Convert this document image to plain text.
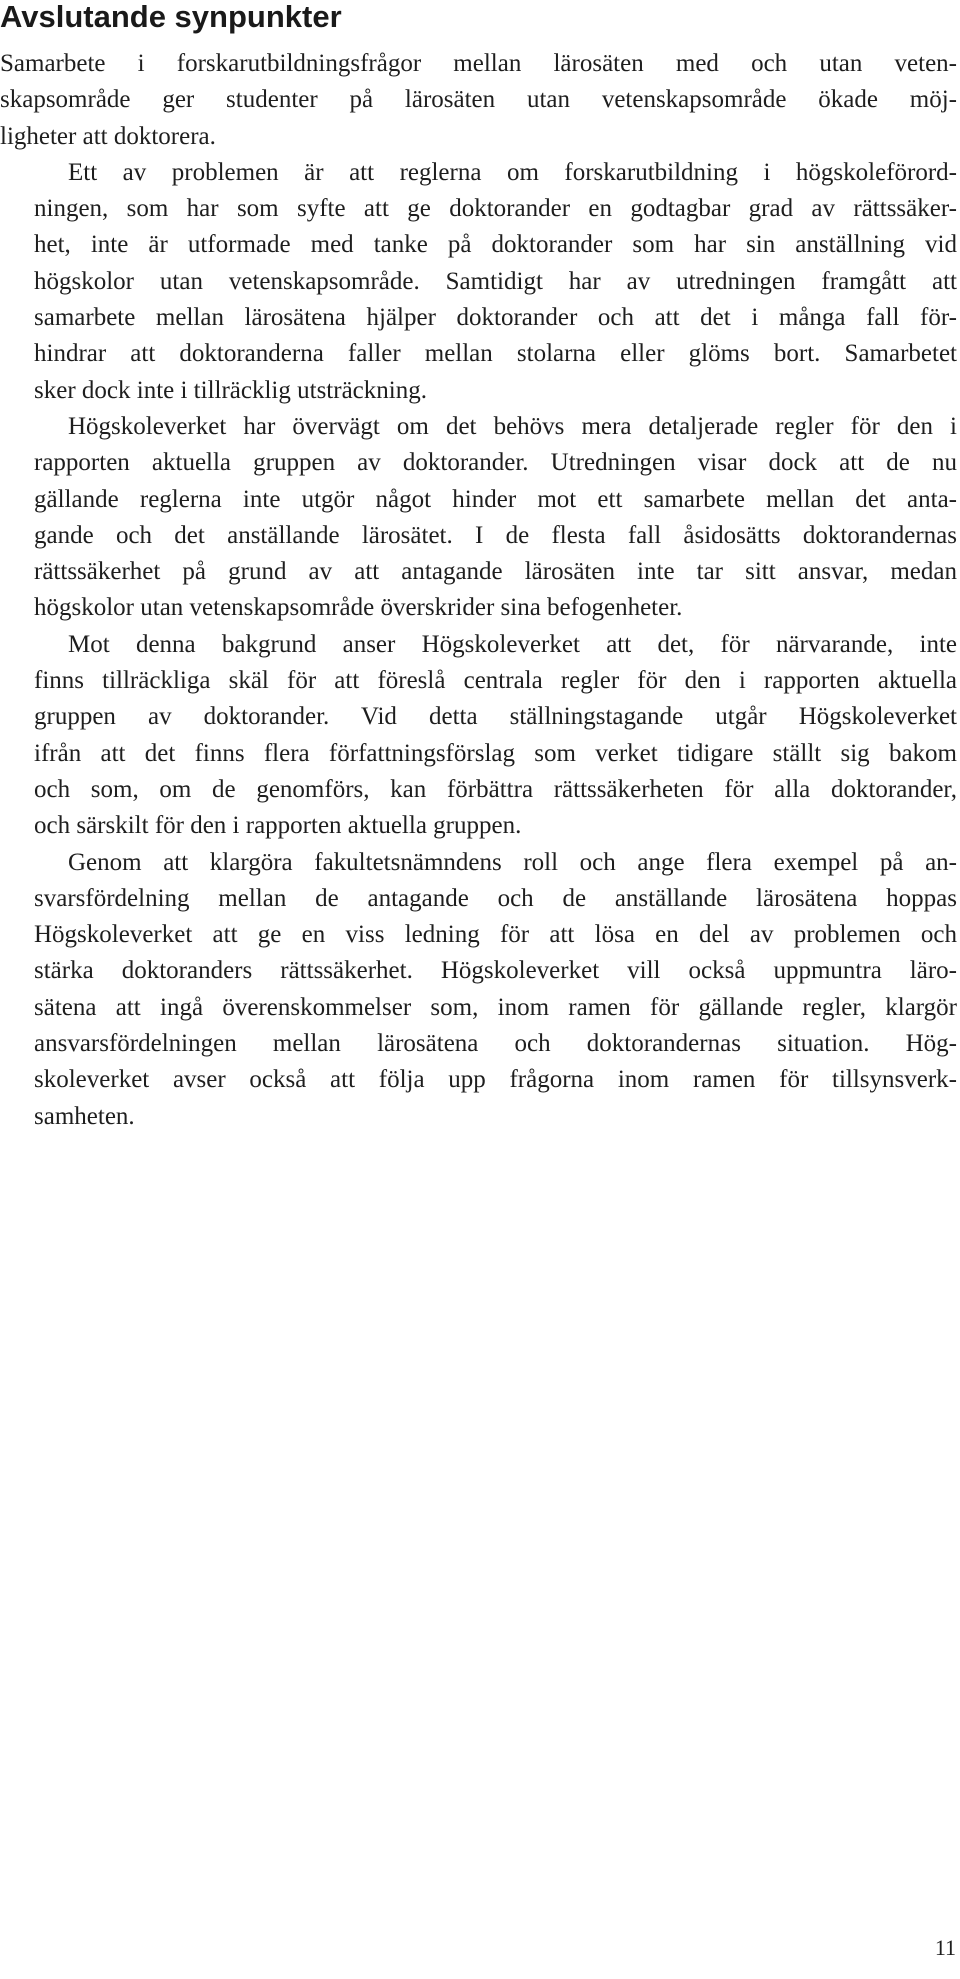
Avslutande synpunkter

Samarbete i forskarutbildningsfrågor mellan lärosäten med och utan veten-
skapsområde ger studenter på lärosäten utan vetenskapsområde ökade möj-
ligheter att doktorera.

Ett av problemen är att reglerna om forskarutbildning i högskoleförord-
ningen, som har som syfte att ge doktorander en godtagbar grad av rättssäker-
het, inte är utformade med tanke på doktorander som har sin anställning vid
högskolor utan vetenskapsområde. Samtidigt har av utredningen framgått att
samarbete mellan lärosätena hjälper doktorander och att det i många fall för-
hindrar att doktoranderna faller mellan stolarna eller glöms bort. Samarbetet
sker dock inte i tillräcklig utsträckning.

Högskoleverket har övervägt om det behövs mera detaljerade regler för den i
rapporten aktuella gruppen av doktorander. Utredningen visar dock att de nu
gällande reglerna inte utgör något hinder mot ett samarbete mellan det anta-
gande och det anställande lärosätet. I de flesta fall åsidosätts doktorandernas
rättssäkerhet på grund av att antagande lärosäten inte tar sitt ansvar, medan
högskolor utan vetenskapsområde överskrider sina befogenheter.

Mot denna bakgrund anser Högskoleverket att det, för närvarande, inte
finns tillräckliga skäl för att föreslå centrala regler för den i rapporten aktuella
gruppen av doktorander. Vid detta ställningstagande utgår Högskoleverket
ifrån att det finns flera författningsförslag som verket tidigare ställt sig bakom
och som, om de genomförs, kan förbättra rättssäkerheten för alla doktorander,
och särskilt för den i rapporten aktuella gruppen.

Genom att klargöra fakultetsnämndens roll och ange flera exempel på an-
svarsfördelning mellan de antagande och de anställande lärosätena hoppas
Högskoleverket att ge en viss ledning för att lösa en del av problemen och
stärka doktoranders rättssäkerhet. Högskoleverket vill också uppmuntra läro-
sätena att ingå överenskommelser som, inom ramen för gällande regler, klargör
ansvarsfördelningen mellan lärosätena och doktorandernas situation. Hög-
skoleverket avser också att följa upp frågorna inom ramen för tillsynsverk-
samheten.

11
